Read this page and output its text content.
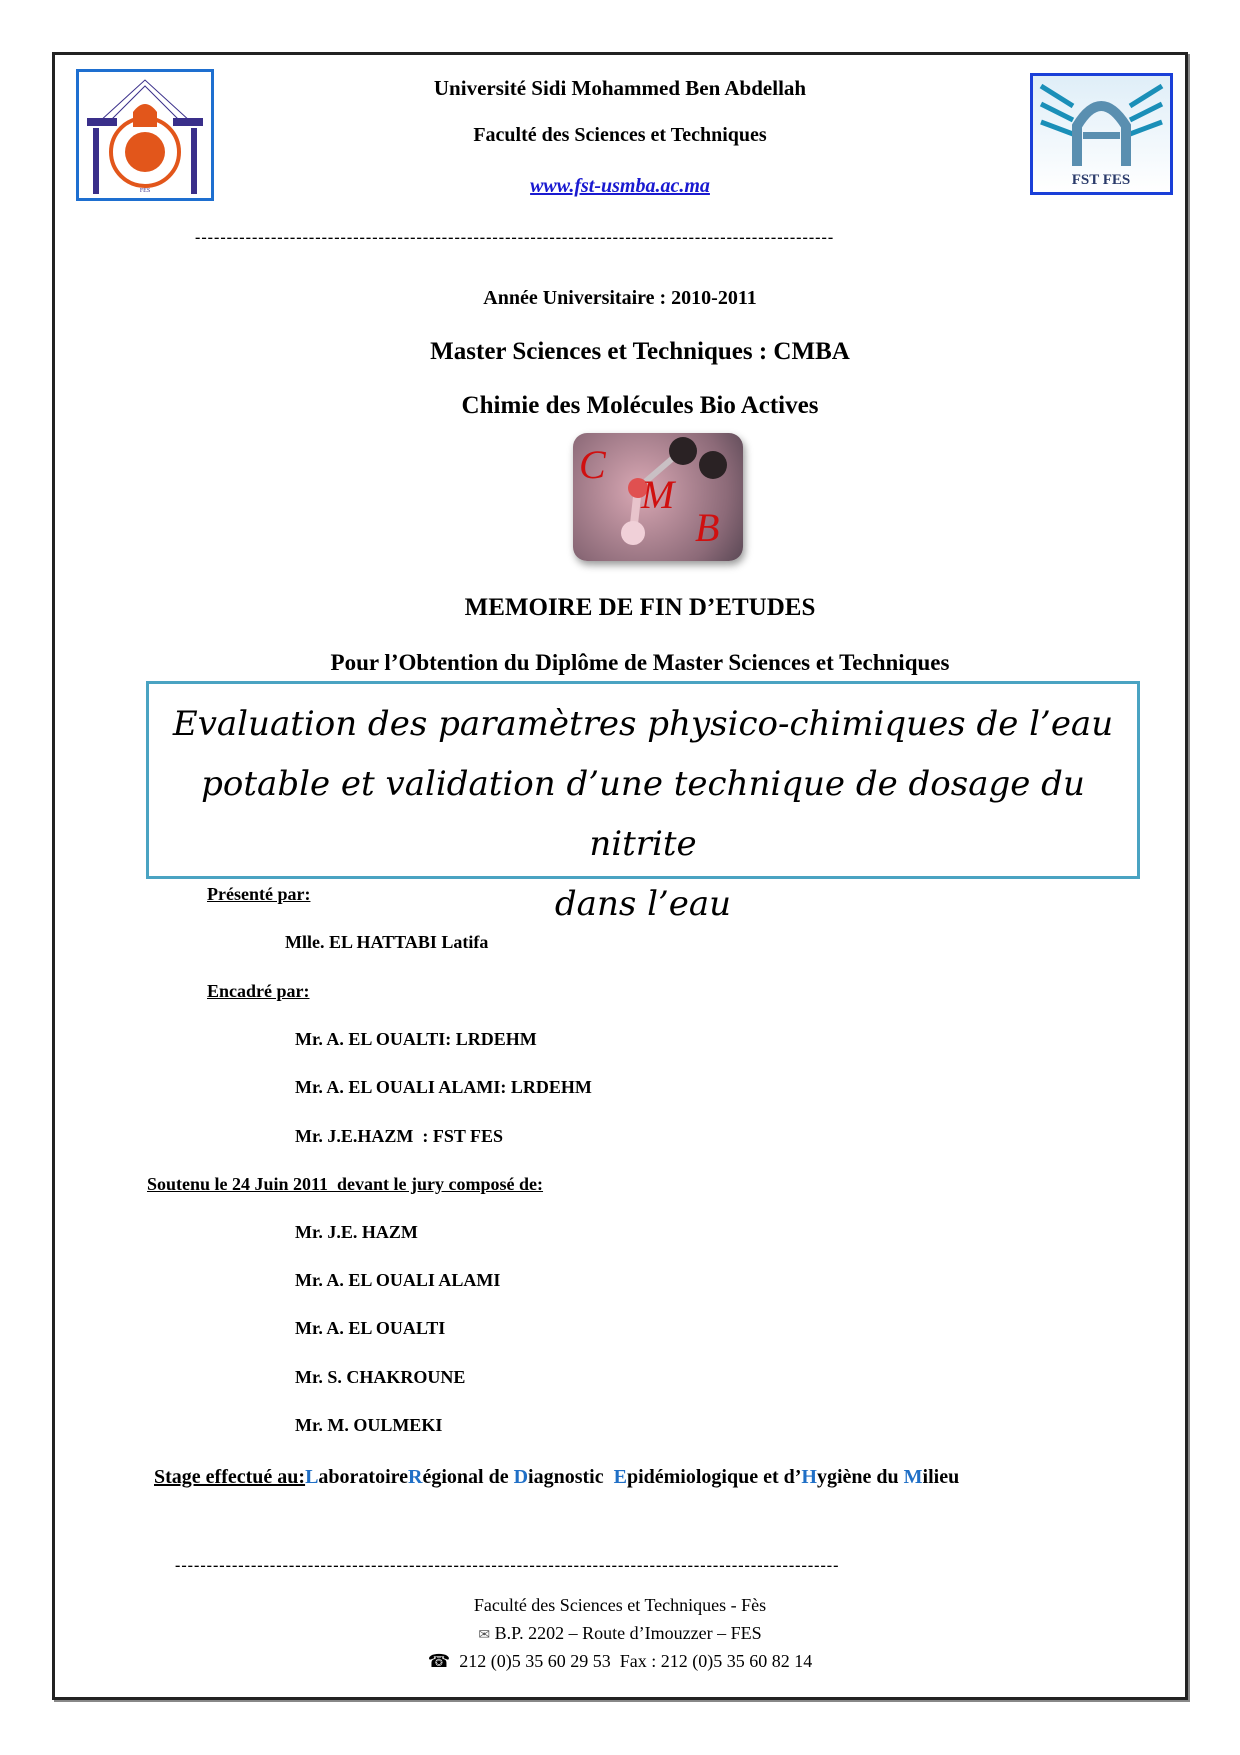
FES
Université Sidi Mohammed Ben Abdellah
Faculté des Sciences et Techniques
www.fst-usmba.ac.ma	FST FES
-----------------------------------------------------------------------------------------------------
Année Universitaire : 2010-2011
Master Sciences et Techniques : CMBA
Chimie des Molécules Bio Actives
C
M
B
MEMOIRE DE FIN D’ETUDES
Pour l’Obtention du Diplôme de Master Sciences et Techniques
Evaluation des paramètres physico-chimiques de l’eau
potable et validation d’une technique de dosage du nitrite
dans l’eau
Présenté par:
Mlle. EL HATTABI Latifa
Encadré par:
Mr. A. EL OUALTI: LRDEHM
Mr. A. EL OUALI ALAMI: LRDEHM
Mr. J.E.HAZM  : FST FES
Soutenu le 24 Juin 2011  devant le jury composé de:
Mr. J.E. HAZM
Mr. A. EL OUALI ALAMI
Mr. A. EL OUALTI
Mr. S. CHAKROUNE
Mr. M. OULMEKI
Stage effectué au:LaboratoireRégional de Diagnostic  Epidémiologique et d’Hygiène du Milieu
---------------------------------------------------------------------------------------------------------
Faculté des Sciences et Techniques - Fès
✉ B.P. 2202 – Route d’Imouzzer – FES
☎ 212 (0)5 35 60 29 53  Fax : 212 (0)5 35 60 82 14
